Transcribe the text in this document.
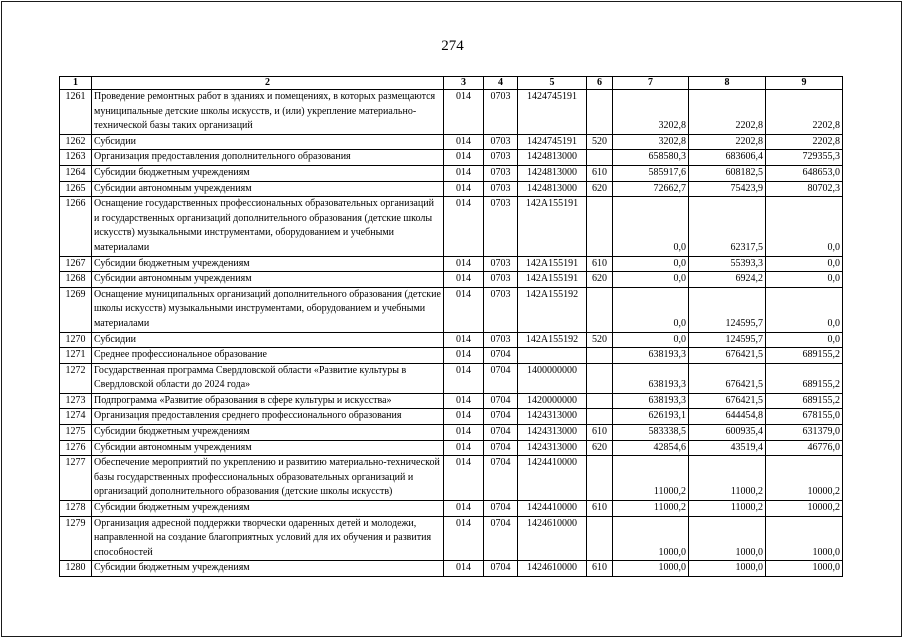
274
1	2	3	4	5	6	7	8	9
1261	Проведение ремонтных работ в зданиях и помещениях, в которых размещаются муниципальные детские школы искусств, и (или) укрепление материально-технической базы таких организаций	014	0703	1424745191		3202,8	2202,8	2202,8
1262	Субсидии	014	0703	1424745191	520	3202,8	2202,8	2202,8
1263	Организация предоставления дополнительного образования	014	0703	1424813000		658580,3	683606,4	729355,3
1264	Субсидии бюджетным учреждениям	014	0703	1424813000	610	585917,6	608182,5	648653,0
1265	Субсидии автономным учреждениям	014	0703	1424813000	620	72662,7	75423,9	80702,3
1266	Оснащение государственных профессиональных образовательных организаций и государственных организаций дополнительного образования (детские школы искусств) музыкальными инструментами, оборудованием и учебными материалами	014	0703	142A155191		0,0	62317,5	0,0
1267	Субсидии бюджетным учреждениям	014	0703	142A155191	610	0,0	55393,3	0,0
1268	Субсидии автономным учреждениям	014	0703	142A155191	620	0,0	6924,2	0,0
1269	Оснащение муниципальных организаций дополнительного образования (детские школы искусств) музыкальными инструментами, оборудованием и учебными материалами	014	0703	142A155192		0,0	124595,7	0,0
1270	Субсидии	014	0703	142A155192	520	0,0	124595,7	0,0
1271	Среднее профессиональное образование	014	0704			638193,3	676421,5	689155,2
1272	Государственная программа Свердловской области «Развитие культуры в Свердловской области до 2024 года»	014	0704	1400000000		638193,3	676421,5	689155,2
1273	Подпрограмма «Развитие образования в сфере культуры и искусства»	014	0704	1420000000		638193,3	676421,5	689155,2
1274	Организация предоставления среднего профессионального образования	014	0704	1424313000		626193,1	644454,8	678155,0
1275	Субсидии бюджетным учреждениям	014	0704	1424313000	610	583338,5	600935,4	631379,0
1276	Субсидии автономным учреждениям	014	0704	1424313000	620	42854,6	43519,4	46776,0
1277	Обеспечение мероприятий по укреплению и развитию материально-технической базы государственных профессиональных образовательных организаций и организаций дополнительного образования (детские школы искусств)	014	0704	1424410000		11000,2	11000,2	10000,2
1278	Субсидии бюджетным учреждениям	014	0704	1424410000	610	11000,2	11000,2	10000,2
1279	Организация адресной поддержки творчески одаренных детей и молодежи, направленной на создание благоприятных условий для их обучения и развития способностей	014	0704	1424610000		1000,0	1000,0	1000,0
1280	Субсидии бюджетным учреждениям	014	0704	1424610000	610	1000,0	1000,0	1000,0
